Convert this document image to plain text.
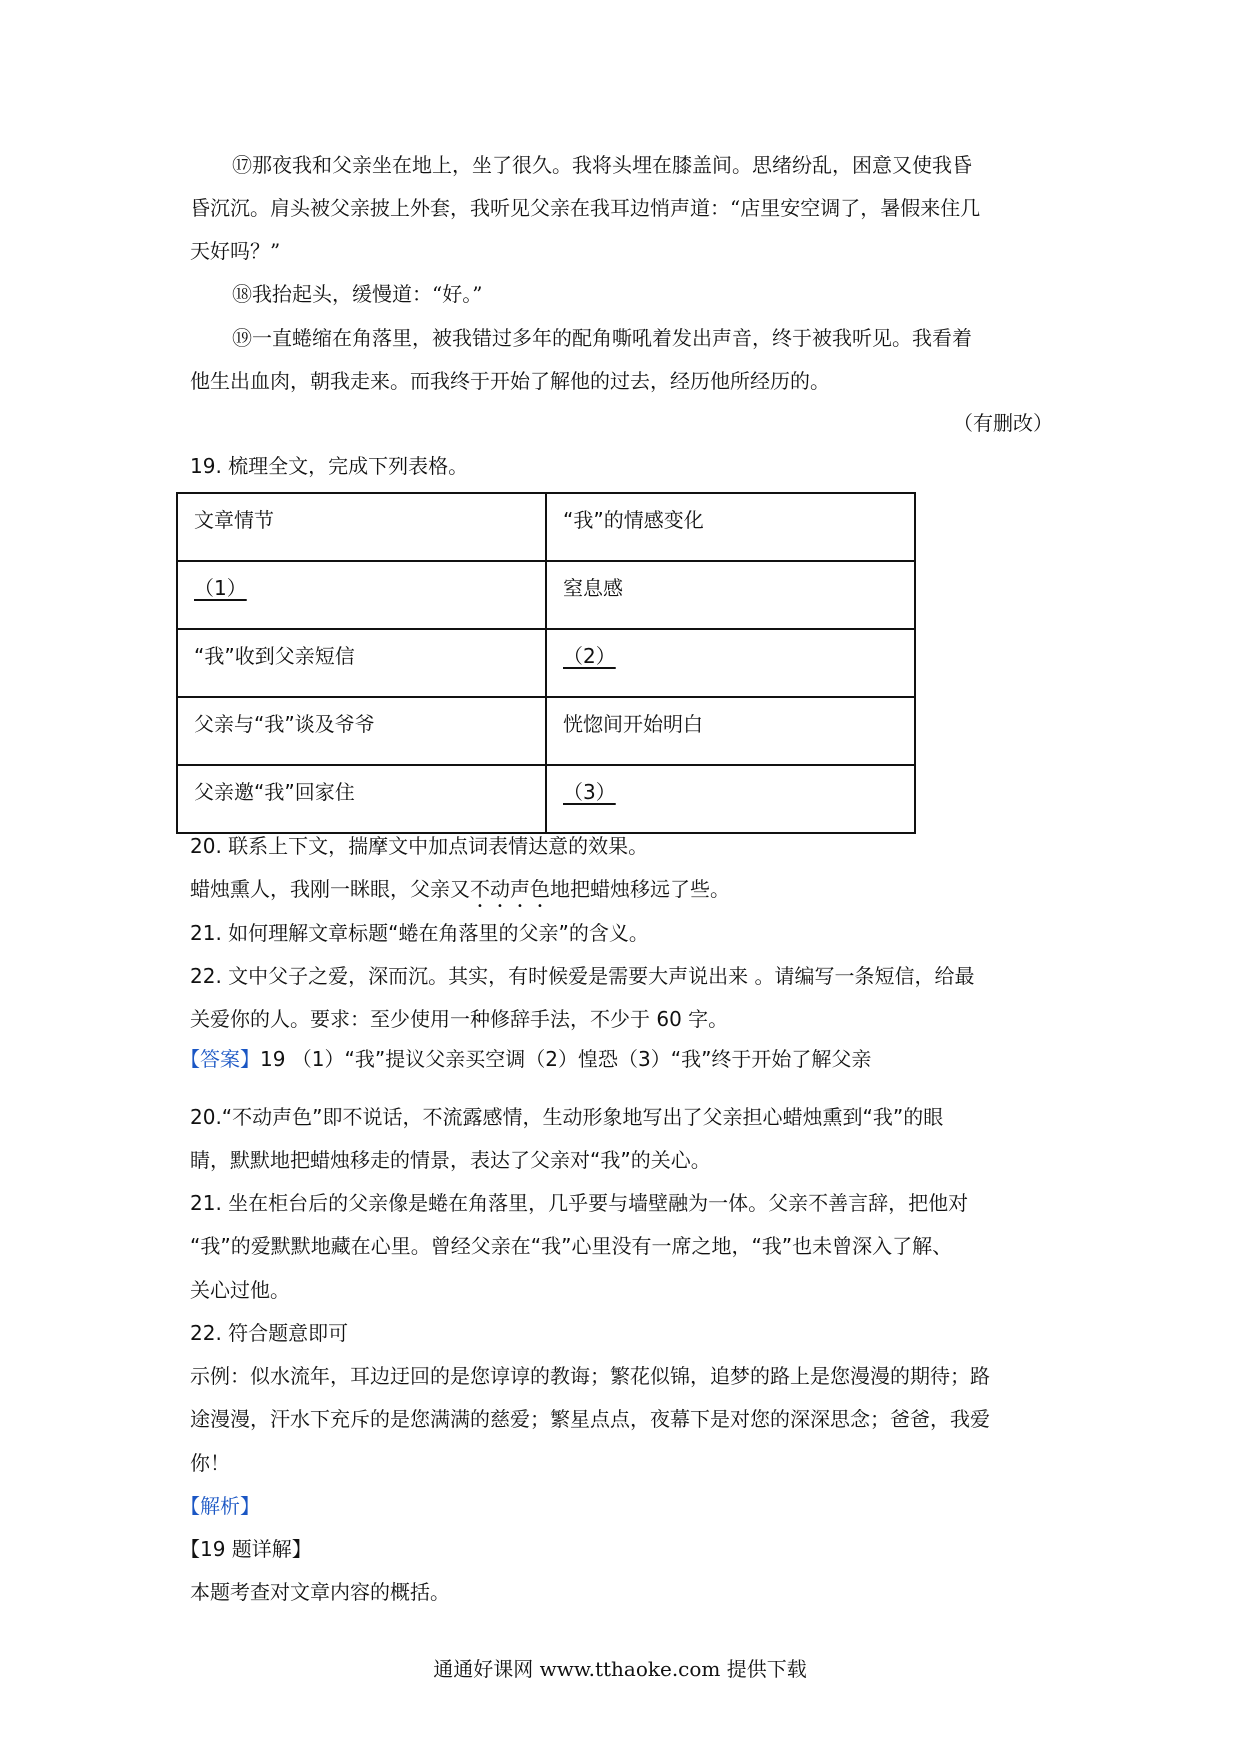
⑰那夜我和父亲坐在地上，坐了很久。我将头埋在膝盖间。思绪纷乱，困意又使我昏
昏沉沉。肩头被父亲披上外套，我听见父亲在我耳边悄声道：“店里安空调了，暑假来住几
天好吗？”
⑱我抬起头，缓慢道：“好。”
⑲一直蜷缩在角落里，被我错过多年的配角嘶吼着发出声音，终于被我听见。我看着
他生出血肉，朝我走来。而我终于开始了解他的过去，经历他所经历的。
（有删改）
19. 梳理全文，完成下列表格。
文章情节	“我”的情感变化
（1）	窒息感
“我”收到父亲短信	（2）
父亲与“我”谈及爷爷	恍惚间开始明白
父亲邀“我”回家住	（3）
20. 联系上下文，揣摩文中加点词表情达意的效果。
蜡烛熏人，我刚一眯眼，父亲又不动声色地把蜡烛移远了些。
21. 如何理解文章标题“蜷在角落里的父亲”的含义。
22. 文中父子之爱，深而沉。其实，有时候爱是需要大声说出来 。请编写一条短信，给最
关爱你的人。要求：至少使用一种修辞手法，不少于 60 字。
【答案】19 （1）“我”提议父亲买空调（2）惶恐（3）“我”终于开始了解父亲
20.“不动声色”即不说话，不流露感情，生动形象地写出了父亲担心蜡烛熏到“我”的眼
睛，默默地把蜡烛移走的情景，表达了父亲对“我”的关心。
21. 坐在柜台后的父亲像是蜷在角落里，几乎要与墙壁融为一体。父亲不善言辞，把他对
“我”的爱默默地藏在心里。曾经父亲在“我”心里没有一席之地，“我”也未曾深入了解、
关心过他。
22. 符合题意即可
示例：似水流年，耳边迂回的是您谆谆的教诲；繁花似锦，追梦的路上是您漫漫的期待；路
途漫漫，汗水下充斥的是您满满的慈爱；繁星点点，夜幕下是对您的深深思念；爸爸，我爱
你！
【解析】
【19 题详解】
本题考查对文章内容的概括。
通通好课网 www.tthaoke.com 提供下载
